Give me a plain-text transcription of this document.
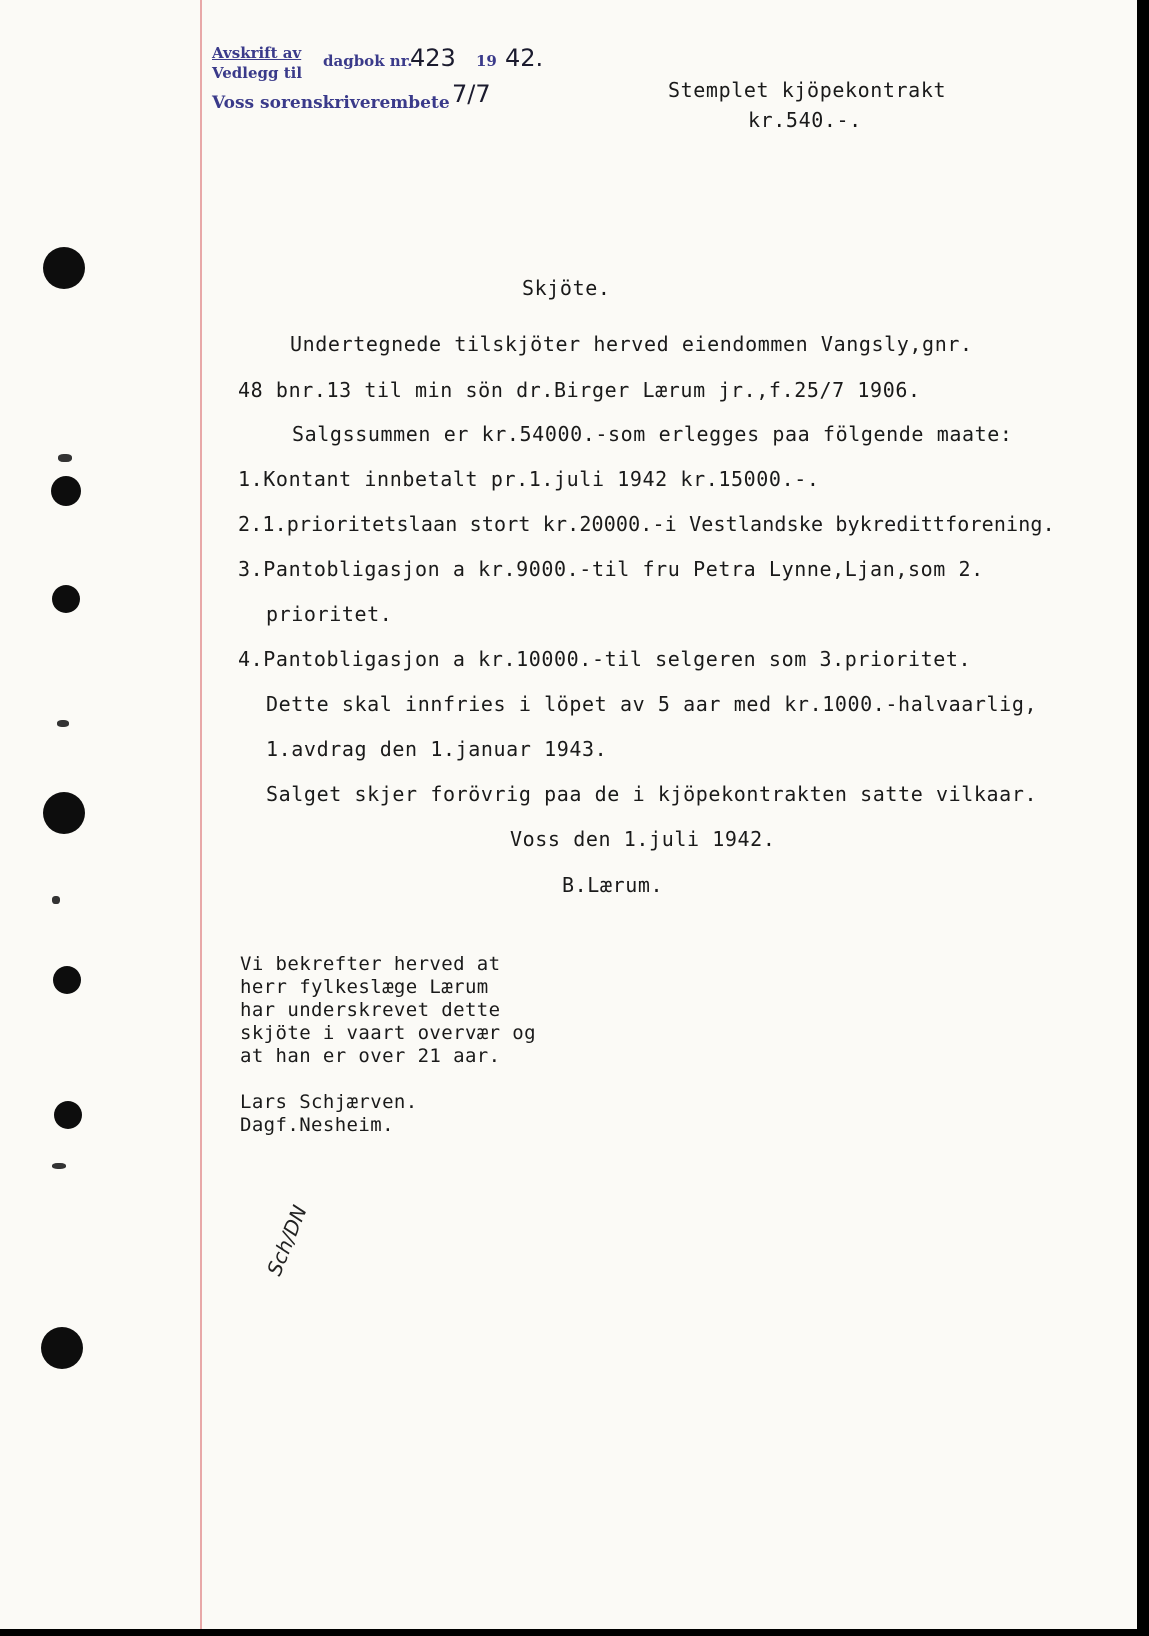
Avskrift av dagbok nr.
Vedlegg til
Voss sorenskriverembete
423 19 42.
7/7	Stemplet kjöpekontrakt
kr.540.-.
Skjöte.
Undertegnede tilskjöter herved eiendommen Vangsly,gnr.
48 bnr.13 til min sön dr.Birger Lærum jr.,f.25/7 1906.
Salgssummen er kr.54000.-som erlegges paa fölgende maate:
1.Kontant innbetalt pr.1.juli 1942 kr.15000.-.
2.1.prioritetslaan stort kr.20000.-i Vestlandske bykredittforening.
3.Pantobligasjon a kr.9000.-til fru Petra Lynne,Ljan,som 2.
prioritet.
4.Pantobligasjon a kr.10000.-til selgeren som 3.prioritet.
Dette skal innfries i löpet av 5 aar med kr.1000.-halvaarlig,
1.avdrag den 1.januar 1943.
Salget skjer forövrig paa de i kjöpekontrakten satte vilkaar.
Voss den 1.juli 1942.
B.Lærum.
Vi bekrefter herved at
herr fylkeslæge Lærum
har underskrevet dette
skjöte i vaart overvær og
at han er over 21 aar.
Lars Schjærven.
Dagf.Nesheim.
Sch/DN
